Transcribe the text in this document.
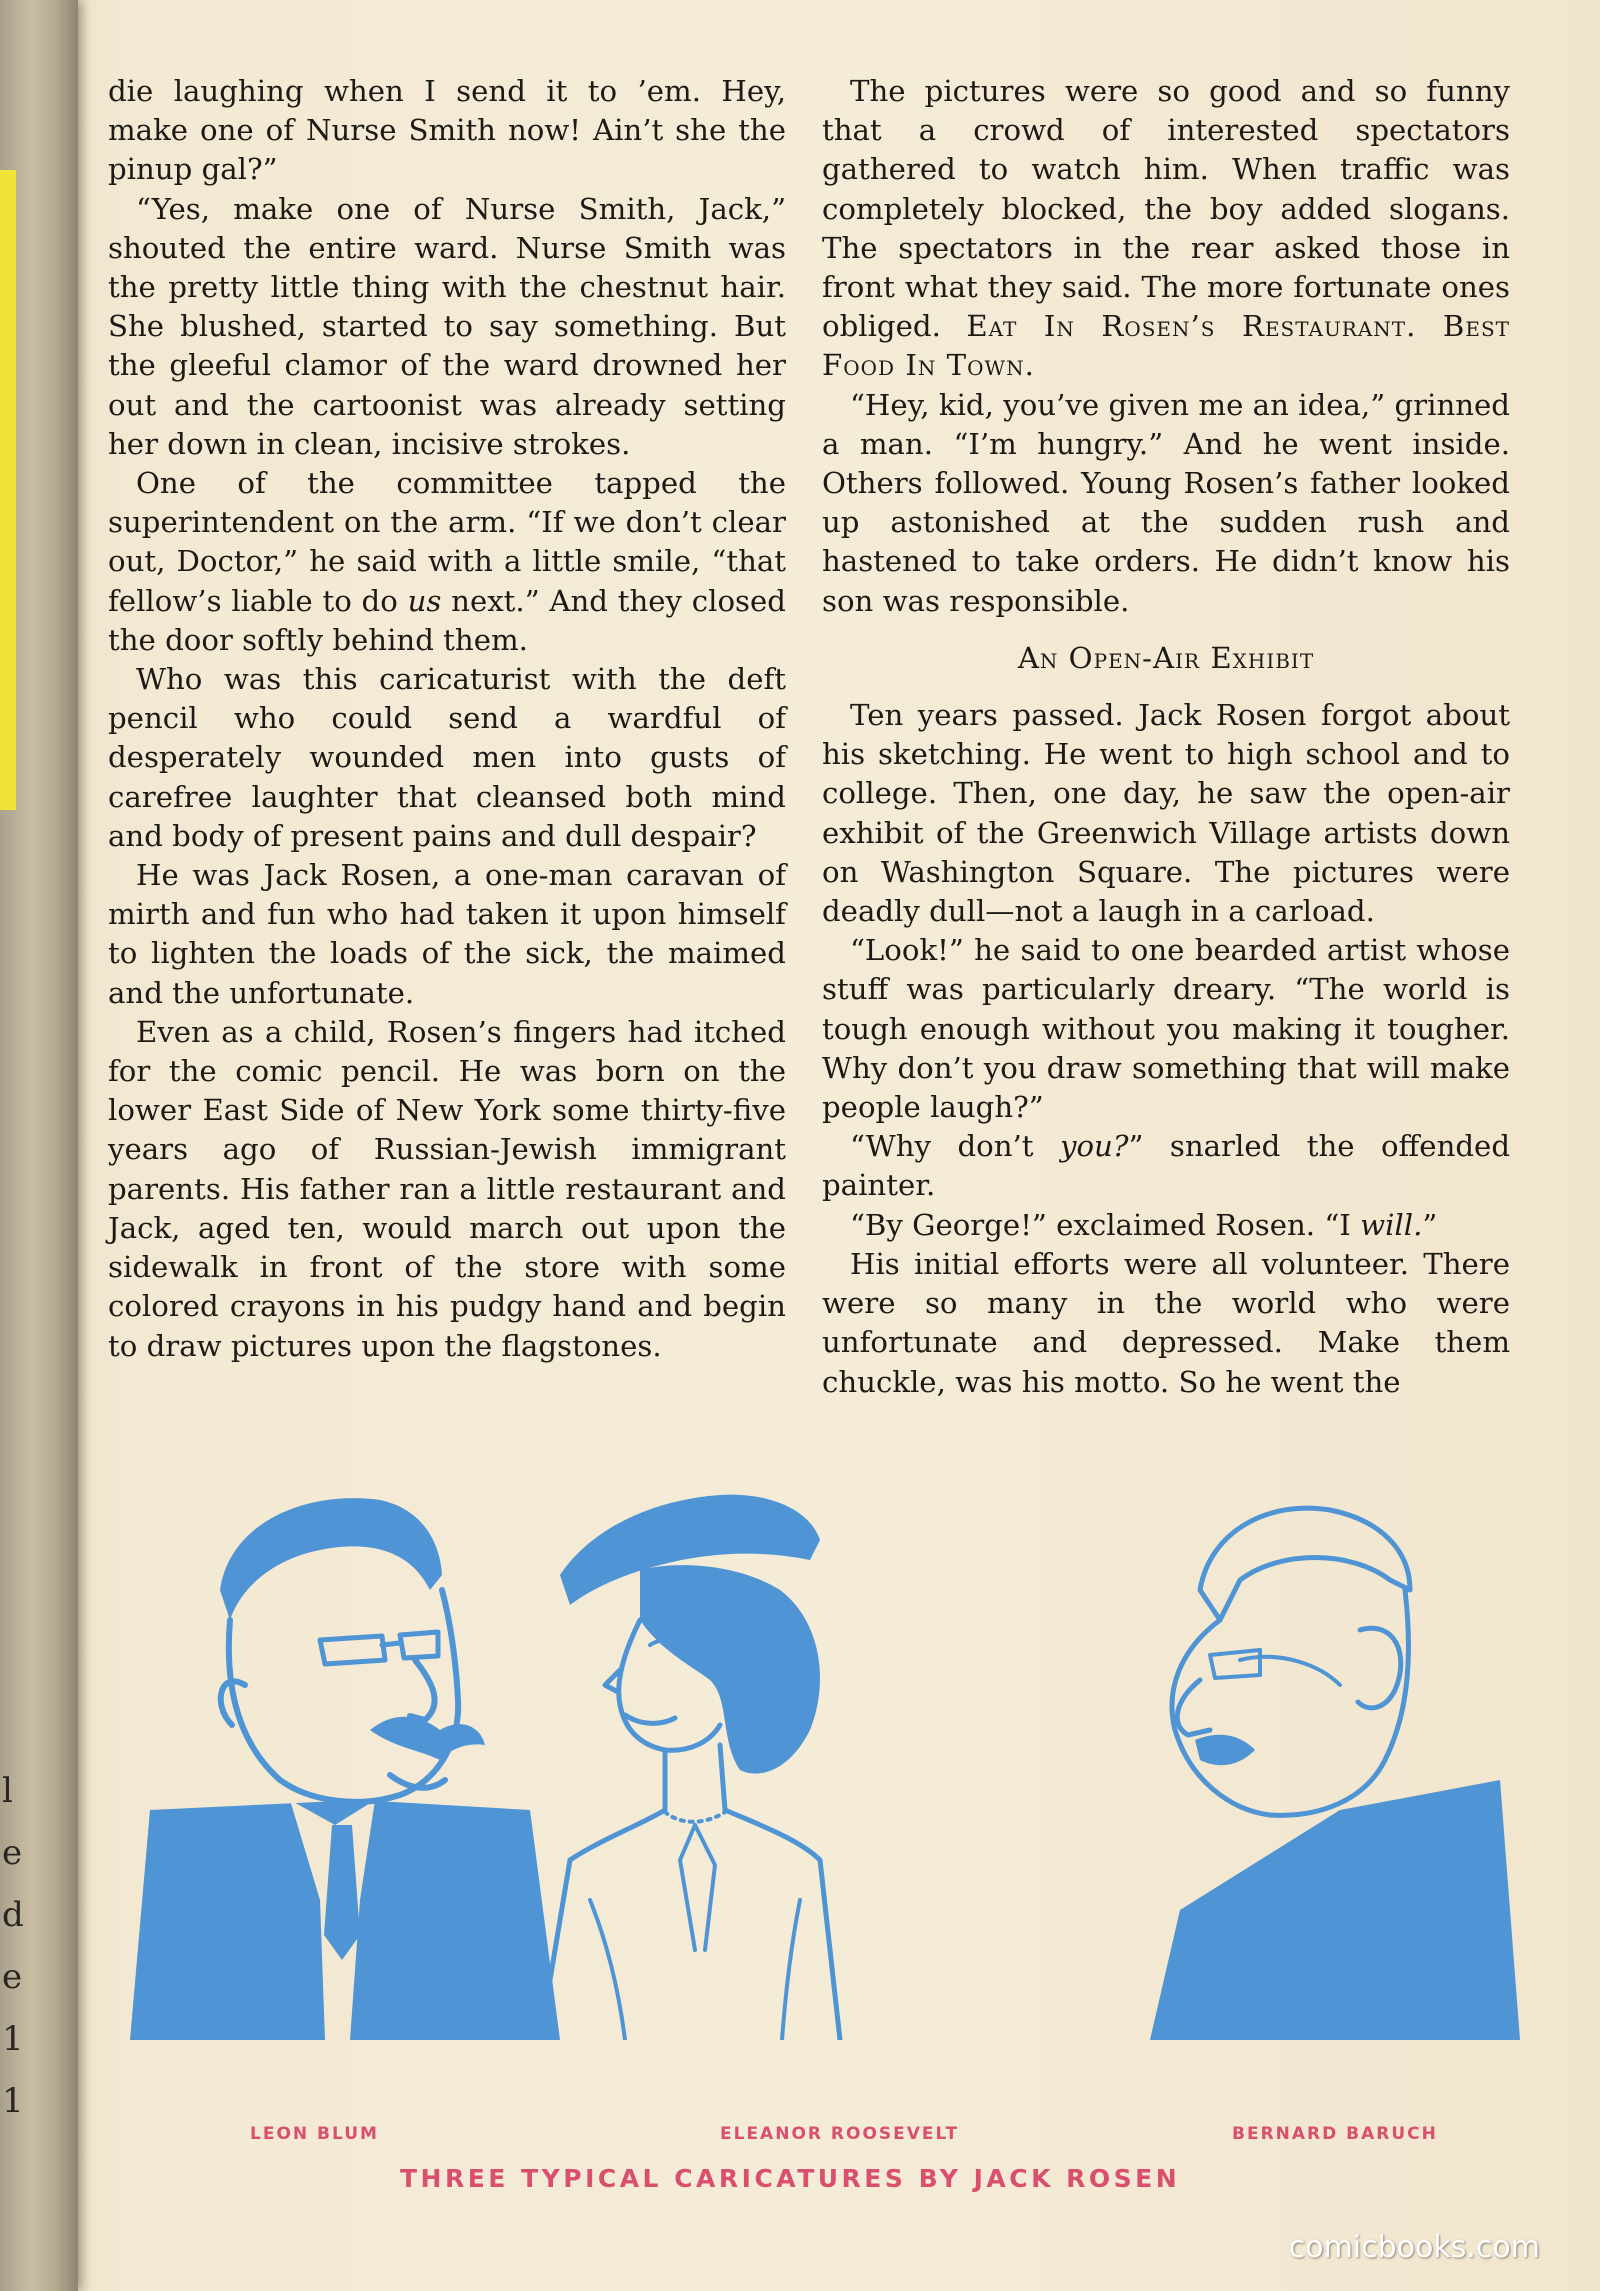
l
e
d
e
1
1

die laughing when I send it to ’em. Hey, make one of Nurse Smith now! Ain’t she the pinup gal?”

“Yes, make one of Nurse Smith, Jack,” shouted the entire ward. Nurse Smith was the pretty little thing with the chestnut hair. She blushed, started to say something. But the gleeful clamor of the ward drowned her out and the cartoonist was already setting her down in clean, incisive strokes.

One of the committee tapped the superintendent on the arm. “If we don’t clear out, Doctor,” he said with a little smile, “that fellow’s liable to do us next.” And they closed the door softly behind them.

Who was this caricaturist with the deft pencil who could send a wardful of desperately wounded men into gusts of carefree laughter that cleansed both mind and body of present pains and dull despair?

He was Jack Rosen, a one-man caravan of mirth and fun who had taken it upon himself to lighten the loads of the sick, the maimed and the unfortunate.

Even as a child, Rosen’s fingers had itched for the comic pencil. He was born on the lower East Side of New York some thirty-five years ago of Russian-Jewish immigrant parents. His father ran a little restaurant and Jack, aged ten, would march out upon the sidewalk in front of the store with some colored crayons in his pudgy hand and begin to draw pictures upon the flagstones.

The pictures were so good and so funny that a crowd of interested spectators gathered to watch him. When traffic was completely blocked, the boy added slogans. The spectators in the rear asked those in front what they said. The more fortunate ones obliged. Eat In Rosen’s Restaurant. Best Food In Town.

“Hey, kid, you’ve given me an idea,” grinned a man. “I’m hungry.” And he went inside. Others followed. Young Rosen’s father looked up astonished at the sudden rush and hastened to take orders. He didn’t know his son was responsible.

An Open-Air Exhibit

Ten years passed. Jack Rosen forgot about his sketching. He went to high school and to college. Then, one day, he saw the open-air exhibit of the Greenwich Village artists down on Washington Square. The pictures were deadly dull—not a laugh in a carload.

“Look!” he said to one bearded artist whose stuff was particularly dreary. “The world is tough enough without you making it tougher. Why don’t you draw something that will make people laugh?”

“Why don’t you?” snarled the offended painter.

“By George!” exclaimed Rosen. “I will.”

His initial efforts were all volunteer. There were so many in the world who were unfortunate and depressed. Make them chuckle, was his motto. So he went the

LEON BLUM	ELEANOR ROOSEVELT	BERNARD BARUCH
THREE TYPICAL CARICATURES BY JACK ROSEN
comicbooks.com
